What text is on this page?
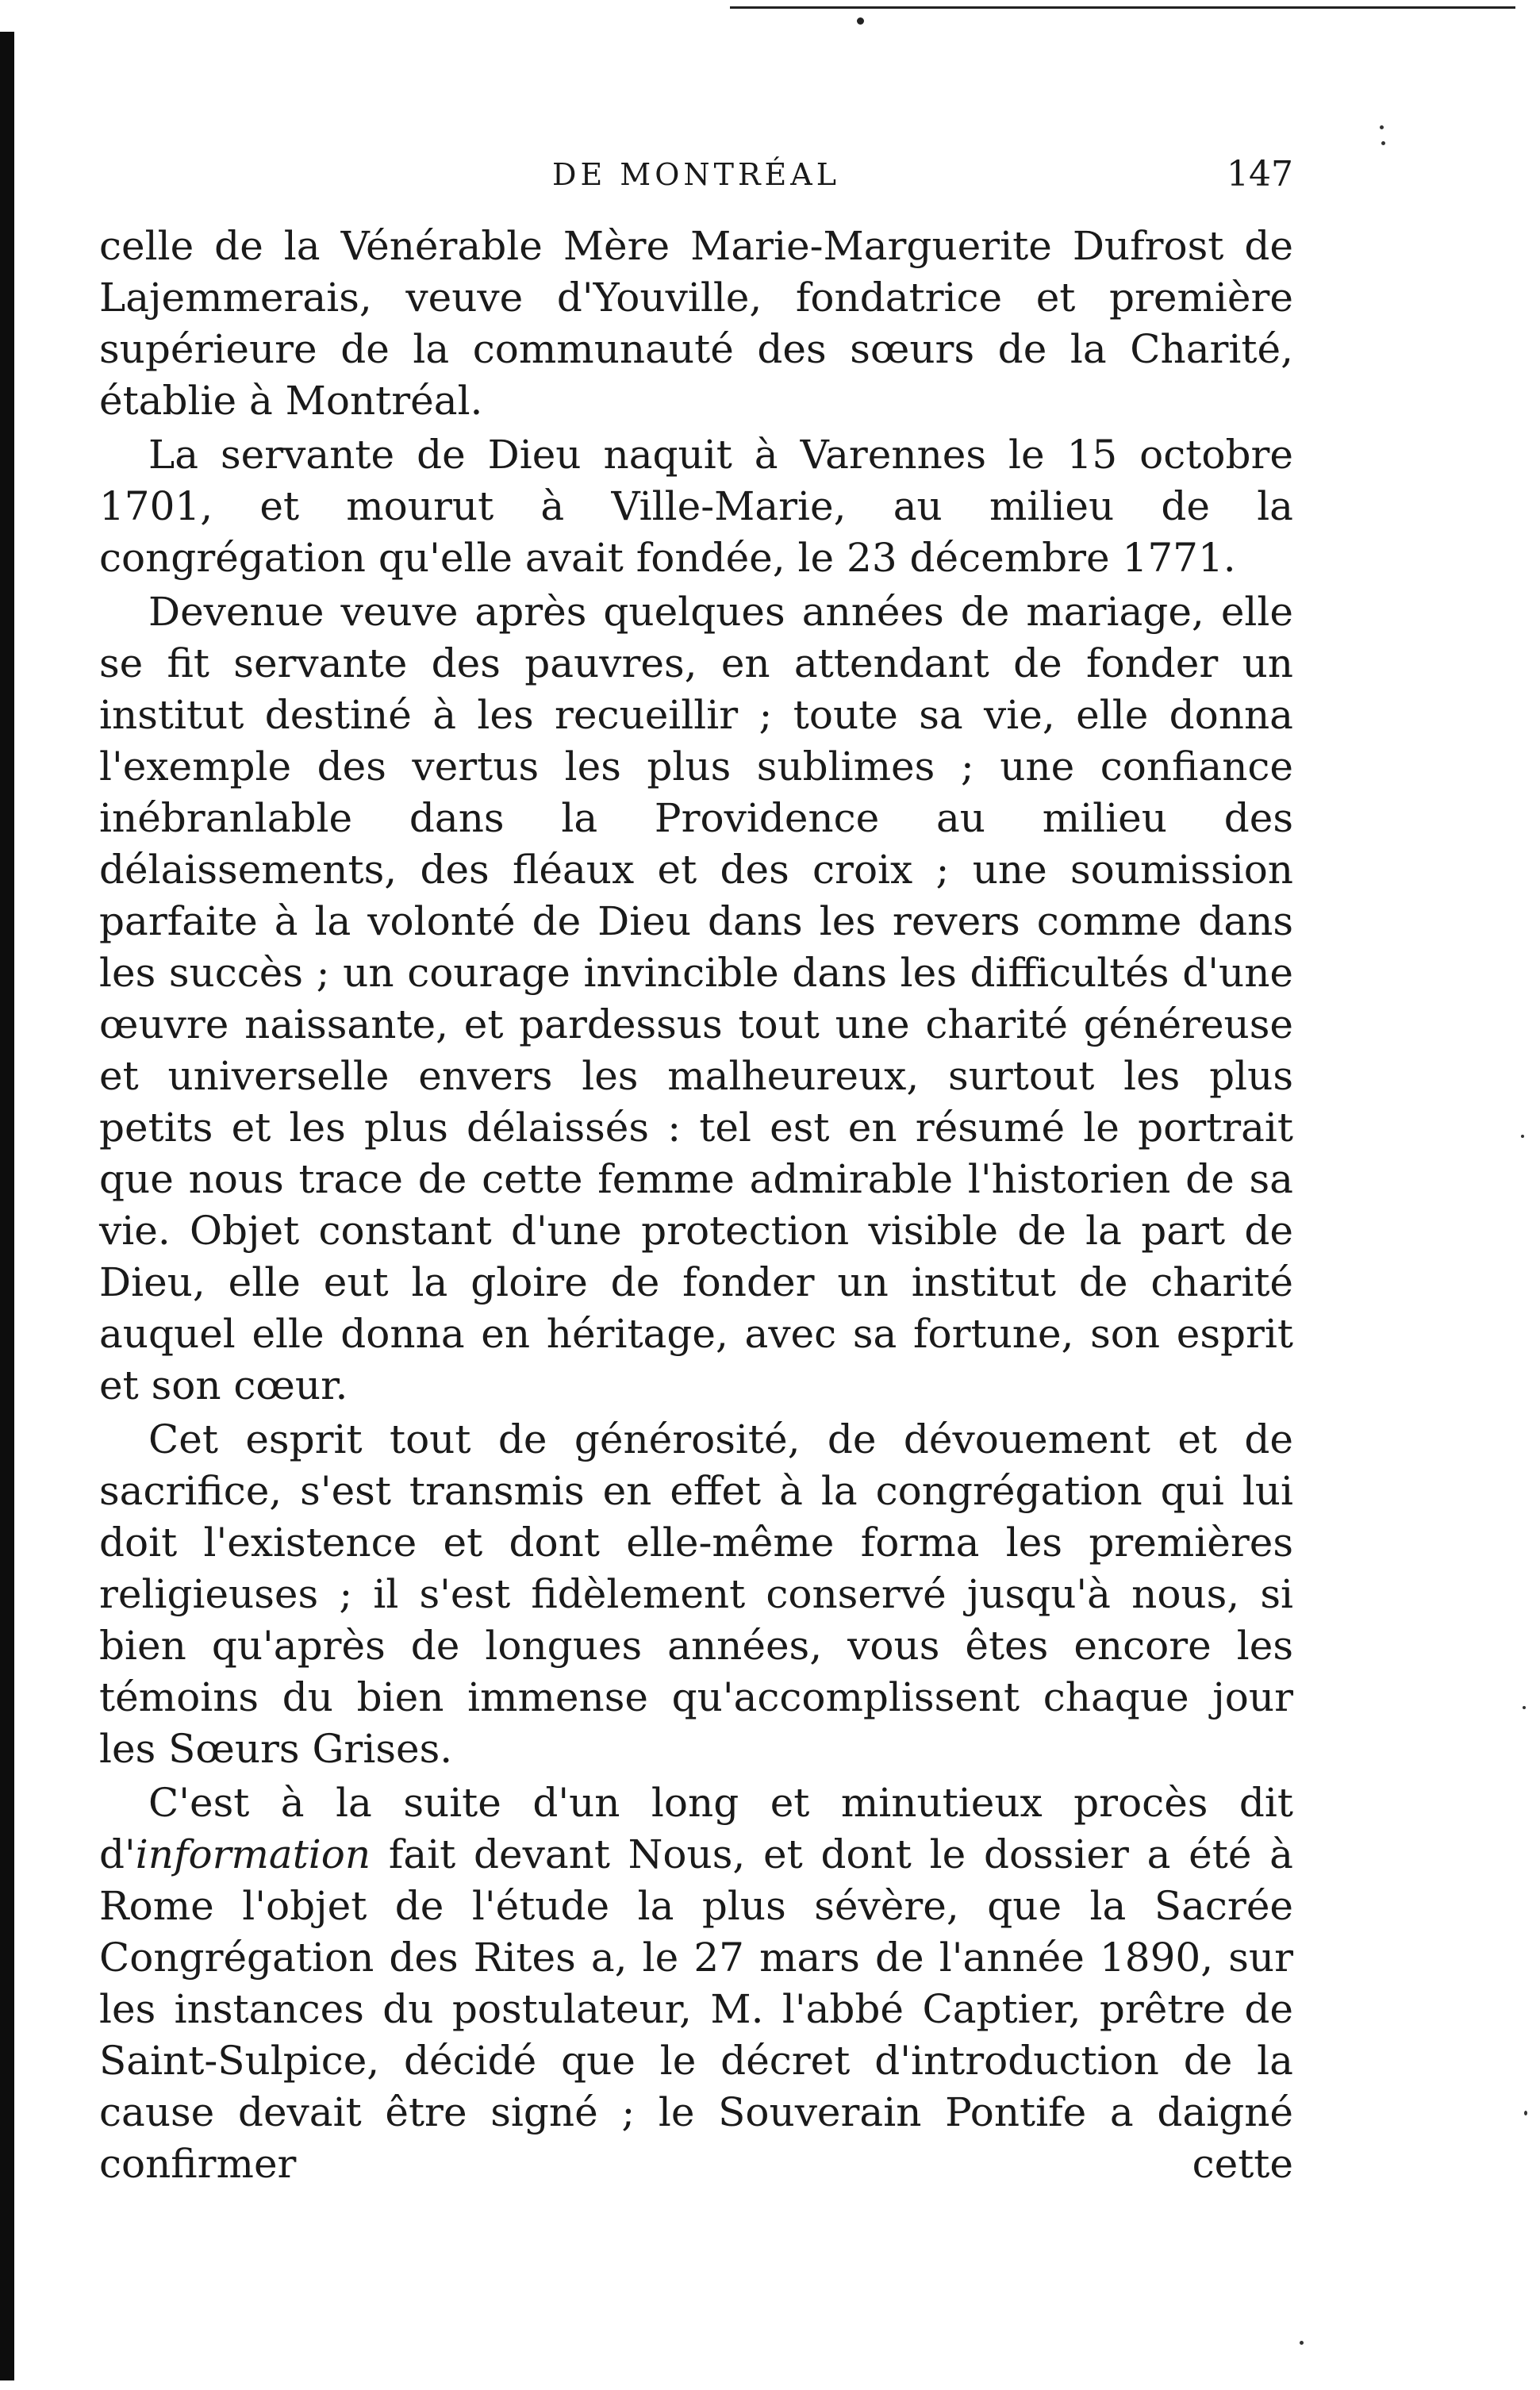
DE MONTRÉAL	147

celle de la Vénérable Mère Marie-Marguerite Dufrost de Lajemmerais, veuve d'Youville, fondatrice et première supérieure de la communauté des sœurs de la Charité, établie à Montréal.

La servante de Dieu naquit à Varennes le 15 octobre 1701, et mourut à Ville-Marie, au milieu de la congrégation qu'elle avait fondée, le 23 décembre 1771.

Devenue veuve après quelques années de mariage, elle se fit servante des pauvres, en attendant de fonder un institut destiné à les recueillir ; toute sa vie, elle donna l'exemple des vertus les plus sublimes ; une confiance inébranlable dans la Providence au milieu des délaissements, des fléaux et des croix ; une soumission parfaite à la volonté de Dieu dans les revers comme dans les succès ; un courage invincible dans les difficultés d'une œuvre naissante, et pardessus tout une charité généreuse et universelle envers les malheureux, surtout les plus petits et les plus délaissés : tel est en résumé le portrait que nous trace de cette femme admirable l'historien de sa vie. Objet constant d'une protection visible de la part de Dieu, elle eut la gloire de fonder un institut de charité auquel elle donna en héritage, avec sa fortune, son esprit et son cœur.

Cet esprit tout de générosité, de dévouement et de sacrifice, s'est transmis en effet à la congrégation qui lui doit l'existence et dont elle-même forma les premières religieuses ; il s'est fidèlement conservé jusqu'à nous, si bien qu'après de longues années, vous êtes encore les témoins du bien immense qu'accomplissent chaque jour les Sœurs Grises.

C'est à la suite d'un long et minutieux procès dit d'information fait devant Nous, et dont le dossier a été à Rome l'objet de l'étude la plus sévère, que la Sacrée Congrégation des Rites a, le 27 mars de l'année 1890, sur les instances du postulateur, M. l'abbé Captier, prêtre de Saint-Sulpice, décidé que le décret d'introduction de la cause devait être signé ; le Souverain Pontife a daigné confirmer cette
